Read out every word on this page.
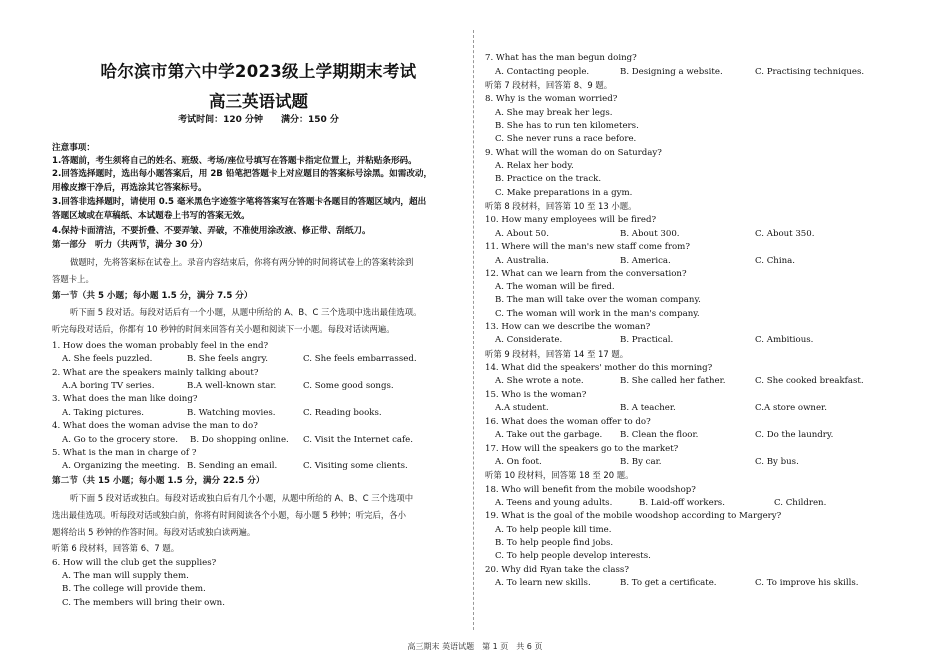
哈尔滨市第六中学2023级上学期期末考试
高三英语试题
考试时间：120 分钟　　满分：150 分
注意事项：
1.答题前，考生须将自己的姓名、班级、考场/座位号填写在答题卡指定位置上，并粘贴条形码。
2.回答选择题时，选出每小题答案后，用 2B 铅笔把答题卡上对应题目的答案标号涂黑。如需改动，
用橡皮擦干净后，再选涂其它答案标号。
3.回答非选择题时，请使用 0.5 毫米黑色字迹签字笔将答案写在答题卡各题目的答题区域内，超出
答题区域或在草稿纸、本试题卷上书写的答案无效。
4.保持卡面清洁，不要折叠、不要弄皱、弄破，不准使用涂改液、修正带、刮纸刀。
第一部分　听力（共两节，满分 30 分）
做题时，先将答案标在试卷上。录音内容结束后，你将有两分钟的时间将试卷上的答案转涂到
答题卡上。
第一节（共 5 小题；每小题 1.5 分，满分 7.5 分）
听下面 5 段对话。每段对话后有一个小题，从题中所给的 A、B、C 三个选项中选出最佳选项。
听完每段对话后，你都有 10 秒钟的时间来回答有关小题和阅读下一小题。每段对话读两遍。
1. How does the woman probably feel in the end?
A. She feels puzzled.	B. She feels angry.	C. She feels embarrassed.
2. What are the speakers mainly talking about?
A.A boring TV series.	B.A well-known star.	C. Some good songs.
3. What does the man like doing?
A. Taking pictures.	B. Watching movies.	C. Reading books.
4. What does the woman advise the man to do?
A. Go to the grocery store. B. Do shopping online. C. Visit the Internet cafe.
5. What is the man in charge of ?
A. Organizing the meeting. B. Sending an email.	C. Visiting some clients.
第二节（共 15 小题；每小题 1.5 分，满分 22.5 分）
听下面 5 段对话或独白。每段对话或独白后有几个小题，从题中所给的 A、B、C 三个选项中
选出最佳选项。听每段对话或独白前，你将有时间阅读各个小题，每小题 5 秒钟；听完后，各小
题将给出 5 秒钟的作答时间。每段对话或独白读两遍。
听第 6 段材料，回答第 6、7 题。
6. How will the club get the supplies?
A. The man will supply them.
B. The college will provide them.
C. The members will bring their own.
7. What has the man begun doing?
A. Contacting people.	B. Designing a website.	C. Practising techniques.
听第 7 段材料，回答第 8、9 题。
8. Why is the woman worried?
A. She may break her legs.
B. She has to run ten kilometers.
C. She never runs a race before.
9. What will the woman do on Saturday?
A. Relax her body.
B. Practice on the track.
C. Make preparations in a gym.
听第 8 段材料，回答第 10 至 13 小题。
10. How many employees will be fired?
A. About 50.	B. About 300.	C. About 350.
11. Where will the man's new staff come from?
A. Australia.	B. America.	C. China.
12. What can we learn from the conversation?
A. The woman will be fired.
B. The man will take over the woman company.
C. The woman will work in the man's company.
13. How can we describe the woman?
A. Considerate.	B. Practical.	C. Ambitious.
听第 9 段材料，回答第 14 至 17 题。
14. What did the speakers' mother do this morning?
A. She wrote a note.	B. She called her father.	C. She cooked breakfast.
15. Who is the woman?
A.A student.	B. A teacher.	C.A store owner.
16. What does the woman offer to do?
A. Take out the garbage. B. Clean the floor.	C. Do the laundry.
17. How will the speakers go to the market?
A. On foot.	B. By car.	C. By bus.
听第 10 段材料，回答第 18 至 20 题。
18. Who will benefit from the mobile woodshop?
A. Teens and young adults.	B. Laid-off workers.	C. Children.
19. What is the goal of the mobile woodshop according to Margery?
A. To help people kill time.
B. To help people find jobs.
C. To help people develop interests.
20. Why did Ryan take the class?
A. To learn new skills.	B. To get a certificate.	C. To improve his skills.
高三期末 英语试题　第 1 页　共 6 页
